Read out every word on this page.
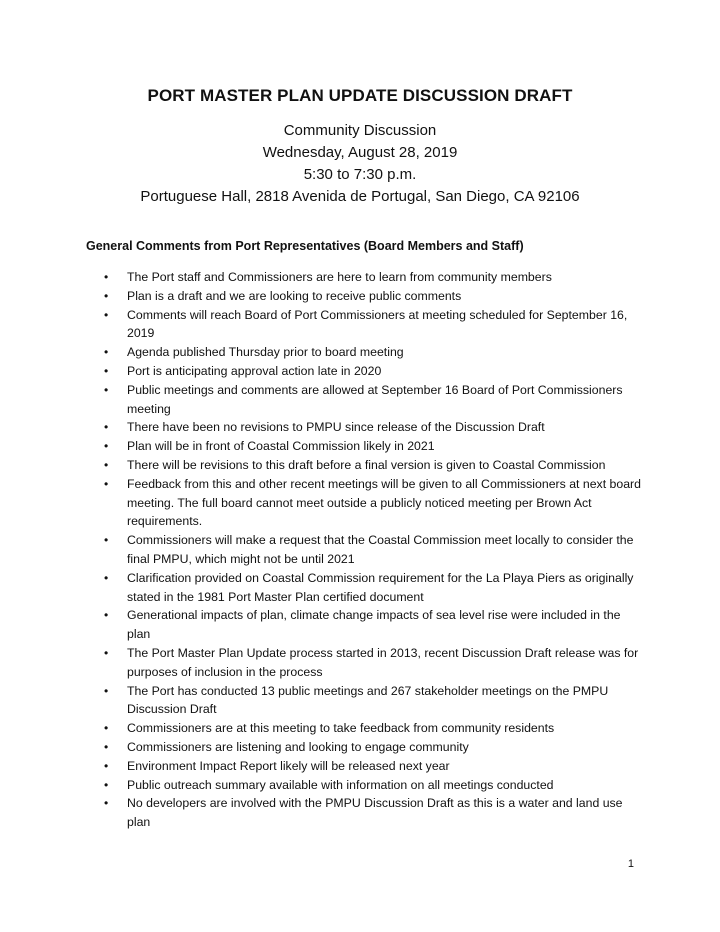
PORT MASTER PLAN UPDATE DISCUSSION DRAFT
Community Discussion
Wednesday, August 28, 2019
5:30 to 7:30 p.m.
Portuguese Hall, 2818 Avenida de Portugal, San Diego, CA 92106
General Comments from Port Representatives (Board Members and Staff)
• The Port staff and Commissioners are here to learn from community members
• Plan is a draft and we are looking to receive public comments
• Comments will reach Board of Port Commissioners at meeting scheduled for September 16, 2019
• Agenda published Thursday prior to board meeting
• Port is anticipating approval action late in 2020
• Public meetings and comments are allowed at September 16 Board of Port Commissioners meeting
• There have been no revisions to PMPU since release of the Discussion Draft
• Plan will be in front of Coastal Commission likely in 2021
• There will be revisions to this draft before a final version is given to Coastal Commission
• Feedback from this and other recent meetings will be given to all Commissioners at next board meeting. The full board cannot meet outside a publicly noticed meeting per Brown Act requirements.
• Commissioners will make a request that the Coastal Commission meet locally to consider the final PMPU, which might not be until 2021
• Clarification provided on Coastal Commission requirement for the La Playa Piers as originally stated in the 1981 Port Master Plan certified document
• Generational impacts of plan, climate change impacts of sea level rise were included in the plan
• The Port Master Plan Update process started in 2013, recent Discussion Draft release was for purposes of inclusion in the process
• The Port has conducted 13 public meetings and 267 stakeholder meetings on the PMPU Discussion Draft
• Commissioners are at this meeting to take feedback from community residents
• Commissioners are listening and looking to engage community
• Environment Impact Report likely will be released next year
• Public outreach summary available with information on all meetings conducted
• No developers are involved with the PMPU Discussion Draft as this is a water and land use plan
1
